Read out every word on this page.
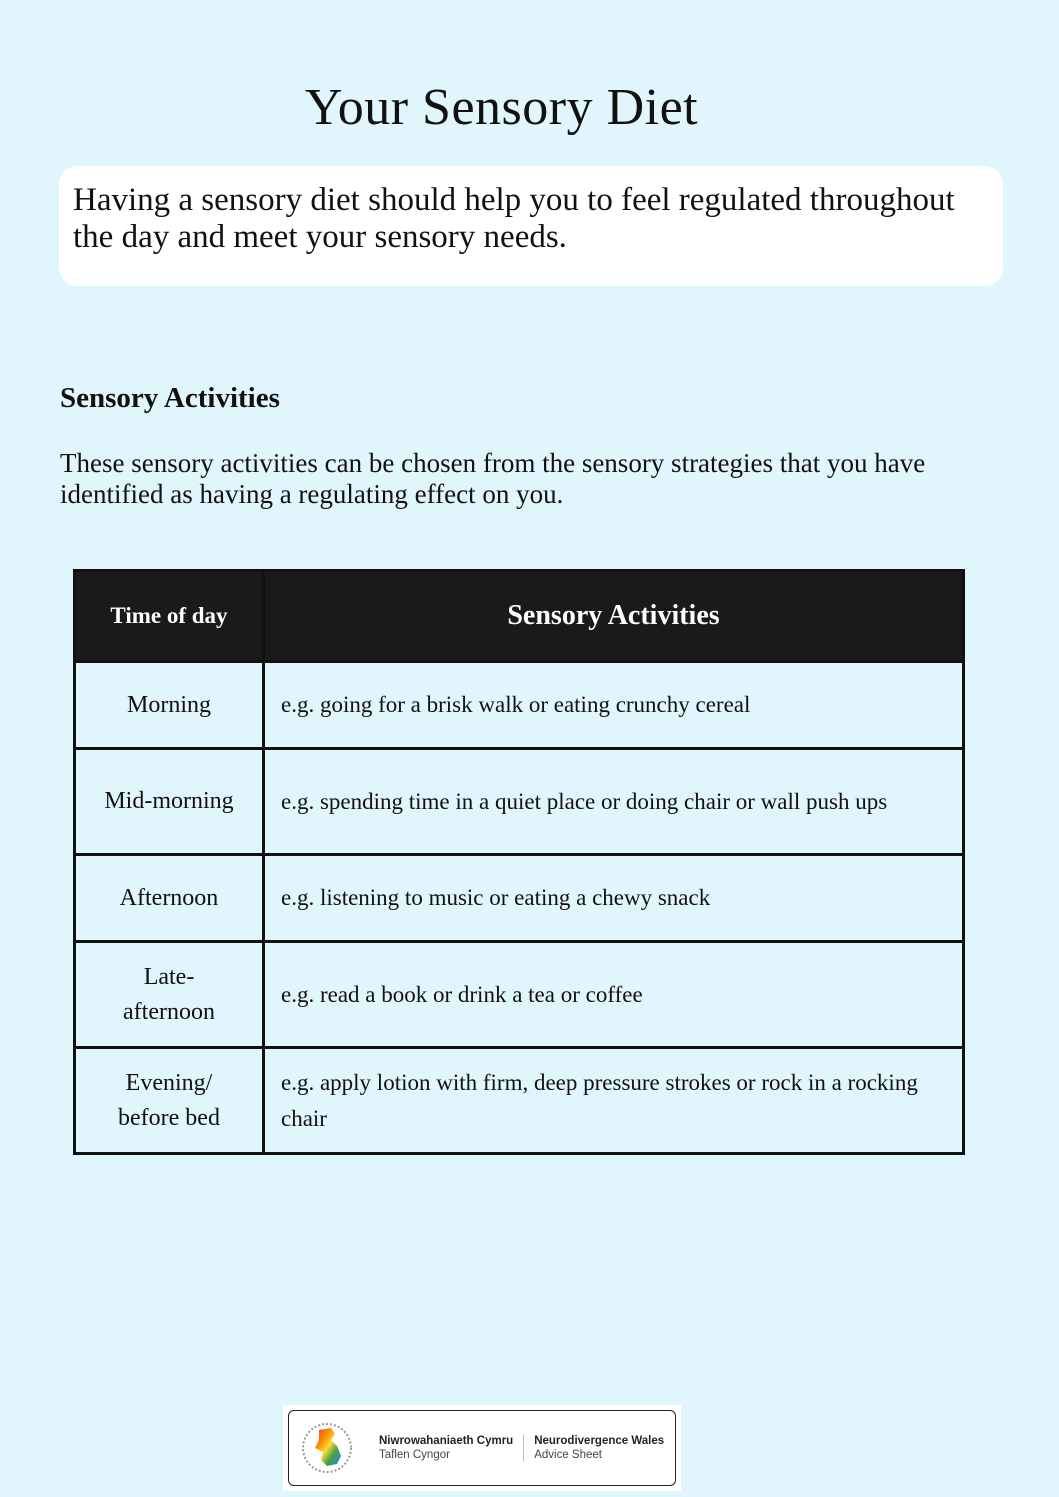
Your Sensory Diet

Having a sensory diet should help you to feel regulated throughout the day and meet your sensory needs.

Sensory Activities

These sensory activities can be chosen from the sensory strategies that you have identified as having a regulating effect on you.

Time of day	Sensory Activities
Morning	e.g. going for a brisk walk or eating crunchy cereal
Mid-morning	e.g. spending time in a quiet place or doing chair or wall push ups
Afternoon	e.g. listening to music or eating a chewy snack
Late-afternoon	e.g. read a book or drink a tea or coffee
Evening/ before bed	e.g. apply lotion with firm, deep pressure strokes or rock in a rocking chair
Niwrowahaniaeth Cymru
Taflen Cyngor
Neurodivergence Wales
Advice Sheet
